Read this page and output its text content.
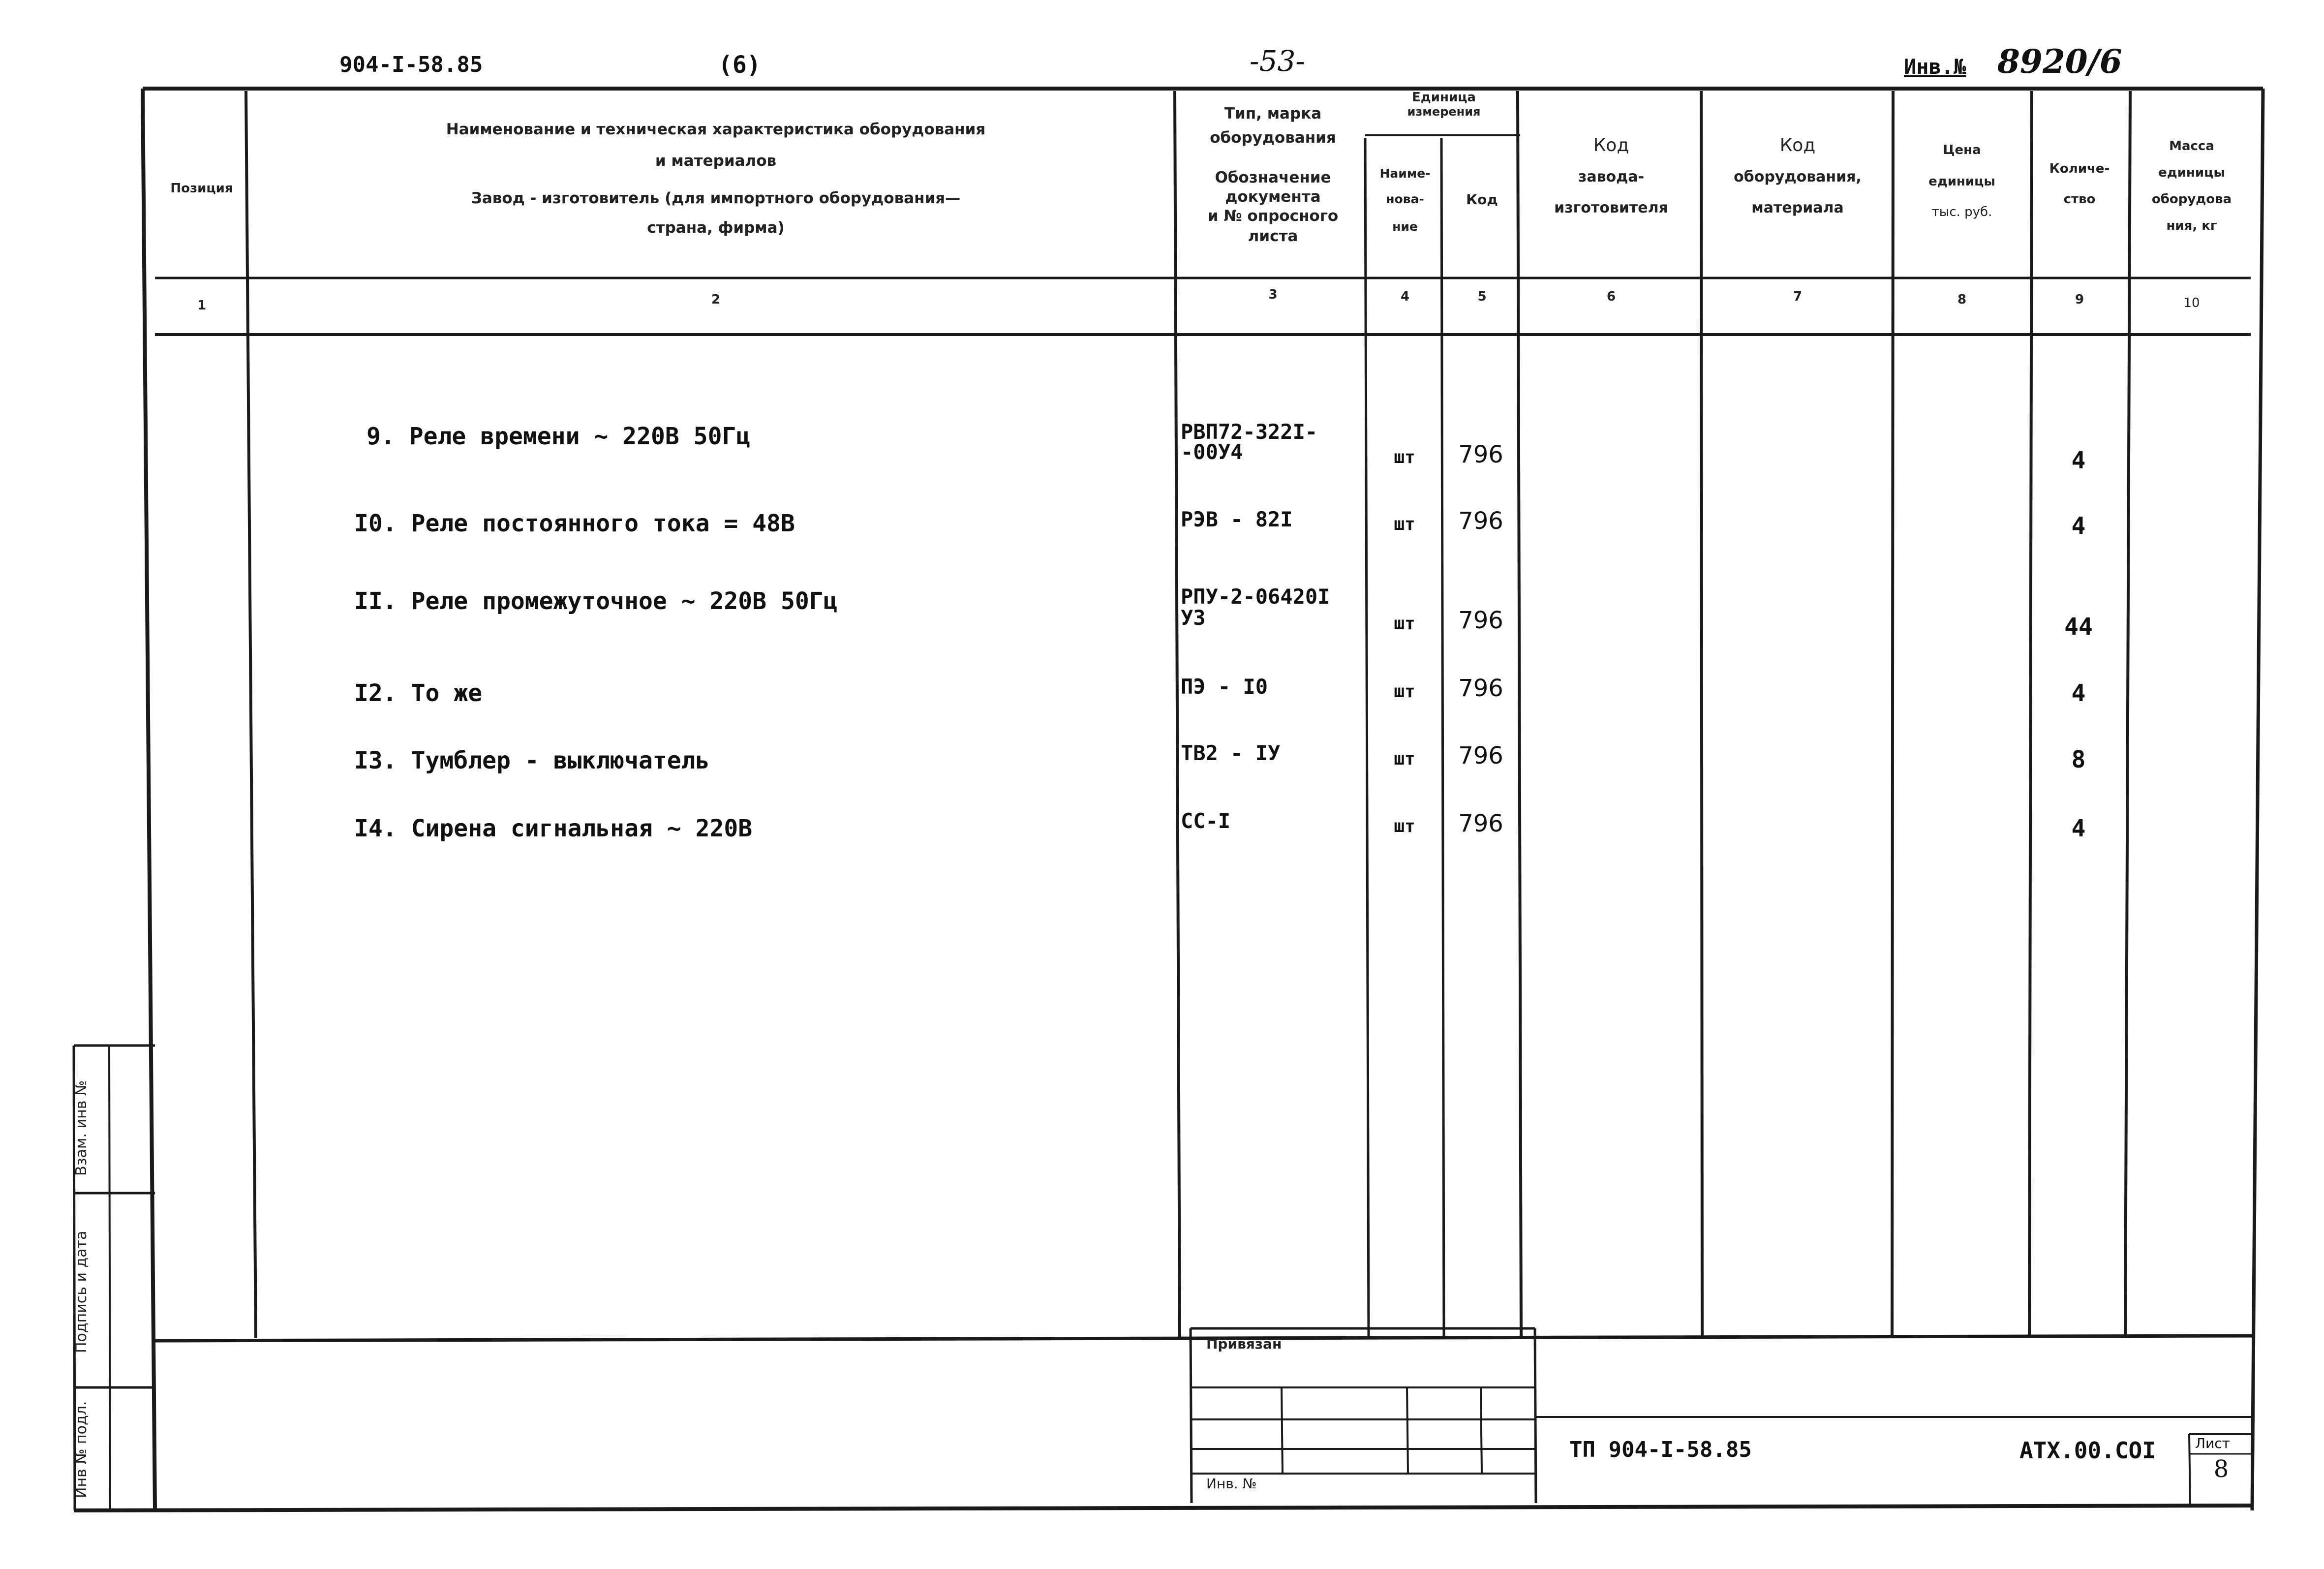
904-I-58.85	(6)	-53-	Инв.№ 8920/6
Позиция
Наименование и техническая характеристика оборудования
и материалов
Завод - изготовитель (для импортного оборудования—
страна, фирма)
Тип, марка
оборудования
Обозначение
документа
и № опросного
листа
Единица
измерения
Наиме-
нова-
ние
Код
Код
завода-
изготовителя
Код
оборудования,
материала
Цена
единицы
тыс. руб.
Количе-
ство
Масса
единицы
оборудова
ния, кг
1	2	3	4	5	6	7	8	9	10
9. Реле времени ~ 220В 50Гц	РВП72-322I-
-00У4	шт	796	4
I0. Реле постоянного тока = 48В	РЭВ - 82I	шт	796	4
II. Реле промежуточное ~ 220В 50Гц	РПУ-2-06420I
У3	шт	796	44
I2. То же	ПЭ - I0	шт	796	4
I3. Тумблер - выключатель	ТВ2 - IУ	шт	796	8
I4. Сирена сигнальная ~ 220В	СС-I	шт	796	4
Взам. инв №
Подпись и дата
Инв № подл.
Привязан
Инв. №
ТП 904-I-58.85	АТХ.00.СОI	Лист
8
